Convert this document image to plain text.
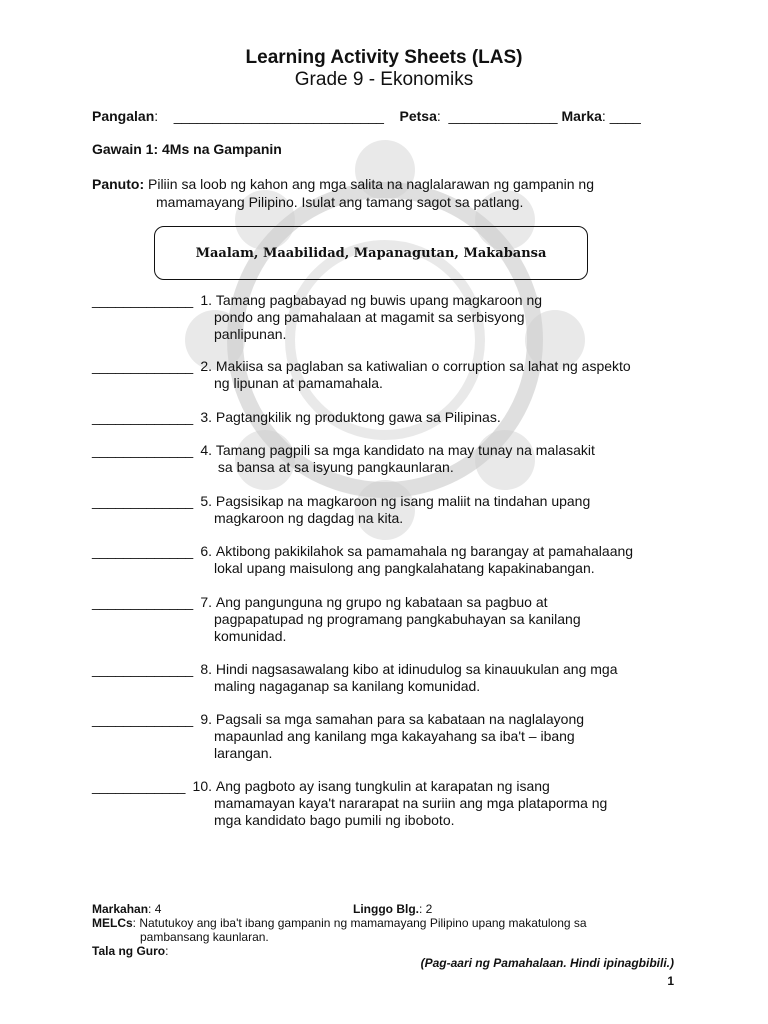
Learning Activity Sheets (LAS)
Grade 9 - Ekonomiks
Pangalan:    ___________________________ Petsa:  ______________ Marka: ____
Gawain 1: 4Ms na Gampanin
Panuto: Piliin sa loob ng kahon ang mga salita na naglalarawan ng gampanin ng
mamamayang Pilipino. Isulat ang tamang sagot sa patlang.
Maalam, Maabilidad, Mapanagutan, Makabansa
_____________ 1.
Tamang pagbabayad ng buwis upang magkaroon ng
pondo ang pamahalaan at magamit sa serbisyong
panlipunan.
_____________ 2.
Makiisa sa paglaban sa katiwalian o corruption sa lahat ng aspekto
ng lipunan at pamamahala.
_____________ 3.
Pagtangkilik ng produktong gawa sa Pilipinas.
_____________ 4.
Tamang pagpili sa mga kandidato na may tunay na malasakit
sa bansa at sa isyung pangkaunlaran.
_____________ 5.
Pagsisikap na magkaroon ng isang maliit na tindahan upang
magkaroon ng dagdag na kita.
_____________ 6.
Aktibong pakikilahok sa pamamahala ng barangay at pamahalaang
lokal upang maisulong ang pangkalahatang kapakinabangan.
_____________ 7.
Ang pangunguna ng grupo ng kabataan sa pagbuo at
pagpapatupad ng programang pangkabuhayan sa kanilang
komunidad.
_____________ 8.
Hindi nagsasawalang kibo at idinudulog sa kinauukulan ang mga
maling nagaganap sa kanilang komunidad.
_____________ 9.
Pagsali sa mga samahan para sa kabataan na naglalayong
mapaunlad ang kanilang mga kakayahang sa iba't – ibang
larangan.
____________ 10.
Ang pagboto ay isang tungkulin at karapatan ng isang
mamamayan kaya't nararapat na suriin ang mga plataporma ng
mga kandidato bago pumili ng iboboto.
Markahan: 4	Linggo Blg.: 2
MELCs: Natutukoy ang iba't ibang gampanin ng mamamayang Pilipino upang makatulong sa
pambansang kaunlaran.
Tala ng Guro:
(Pag-aari ng Pamahalaan. Hindi ipinagbibili.)
1
